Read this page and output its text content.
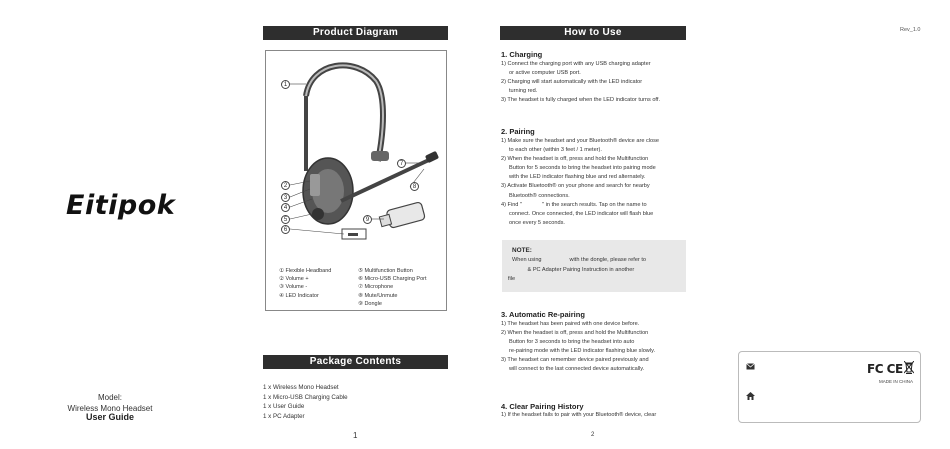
Eitipok
Model:
Wireless Mono Headset
User Guide
Product Diagram
1
2
3
4
5
6
7
8
9
① Flexible Headband
② Volume +
③ Volume -
④ LED Indicator
⑤ Multifunction Button
⑥ Micro-USB Charging Port
⑦ Microphone
⑧ Mute/Unmute
⑨ Dongle
Package Contents
1 x Wireless Mono Headset
1 x Micro-USB Charging Cable
1 x User Guide
1 x PC Adapter
1
How to Use
1. Charging
1) Connect the charging port with any USB charging adapter
or active computer USB port.
2) Charging will start automatically with the LED indicator
turning red.
3) The headset is fully charged when the LED indicator turns off.
2. Pairing
1) Make sure the headset and your Bluetooth® device are close
to each other (within 3 feet / 1 meter).
2) When the headset is off, press and hold the Multifunction
Button for 5 seconds to bring the headset into pairing mode
with the LED indicator flashing blue and red alternately.
3) Activate Bluetooth® on your phone and search for nearby
Bluetooth® connections.
4) Find "             " in the search results. Tap on the name to
connect. Once connected, the LED indicator will flash blue
once every 5 seconds.
NOTE:
When using                  with the dongle, please refer to
& PC Adapter Pairing Instruction in another
file
3. Automatic Re-pairing
1) The headset has been paired with one device before.
2) When the headset is off, press and hold the Multifunction
Button for 3 seconds to bring the headset into auto
re-pairing mode with the LED indicator flashing blue slowly.
3) The headset can remember device paired previously and
will connect to the last connected device automatically.
4. Clear Pairing History
1) If the headset fails to pair with your Bluetooth® device, clear
2
Rev_1.0
FC CE
MADE IN CHINA
